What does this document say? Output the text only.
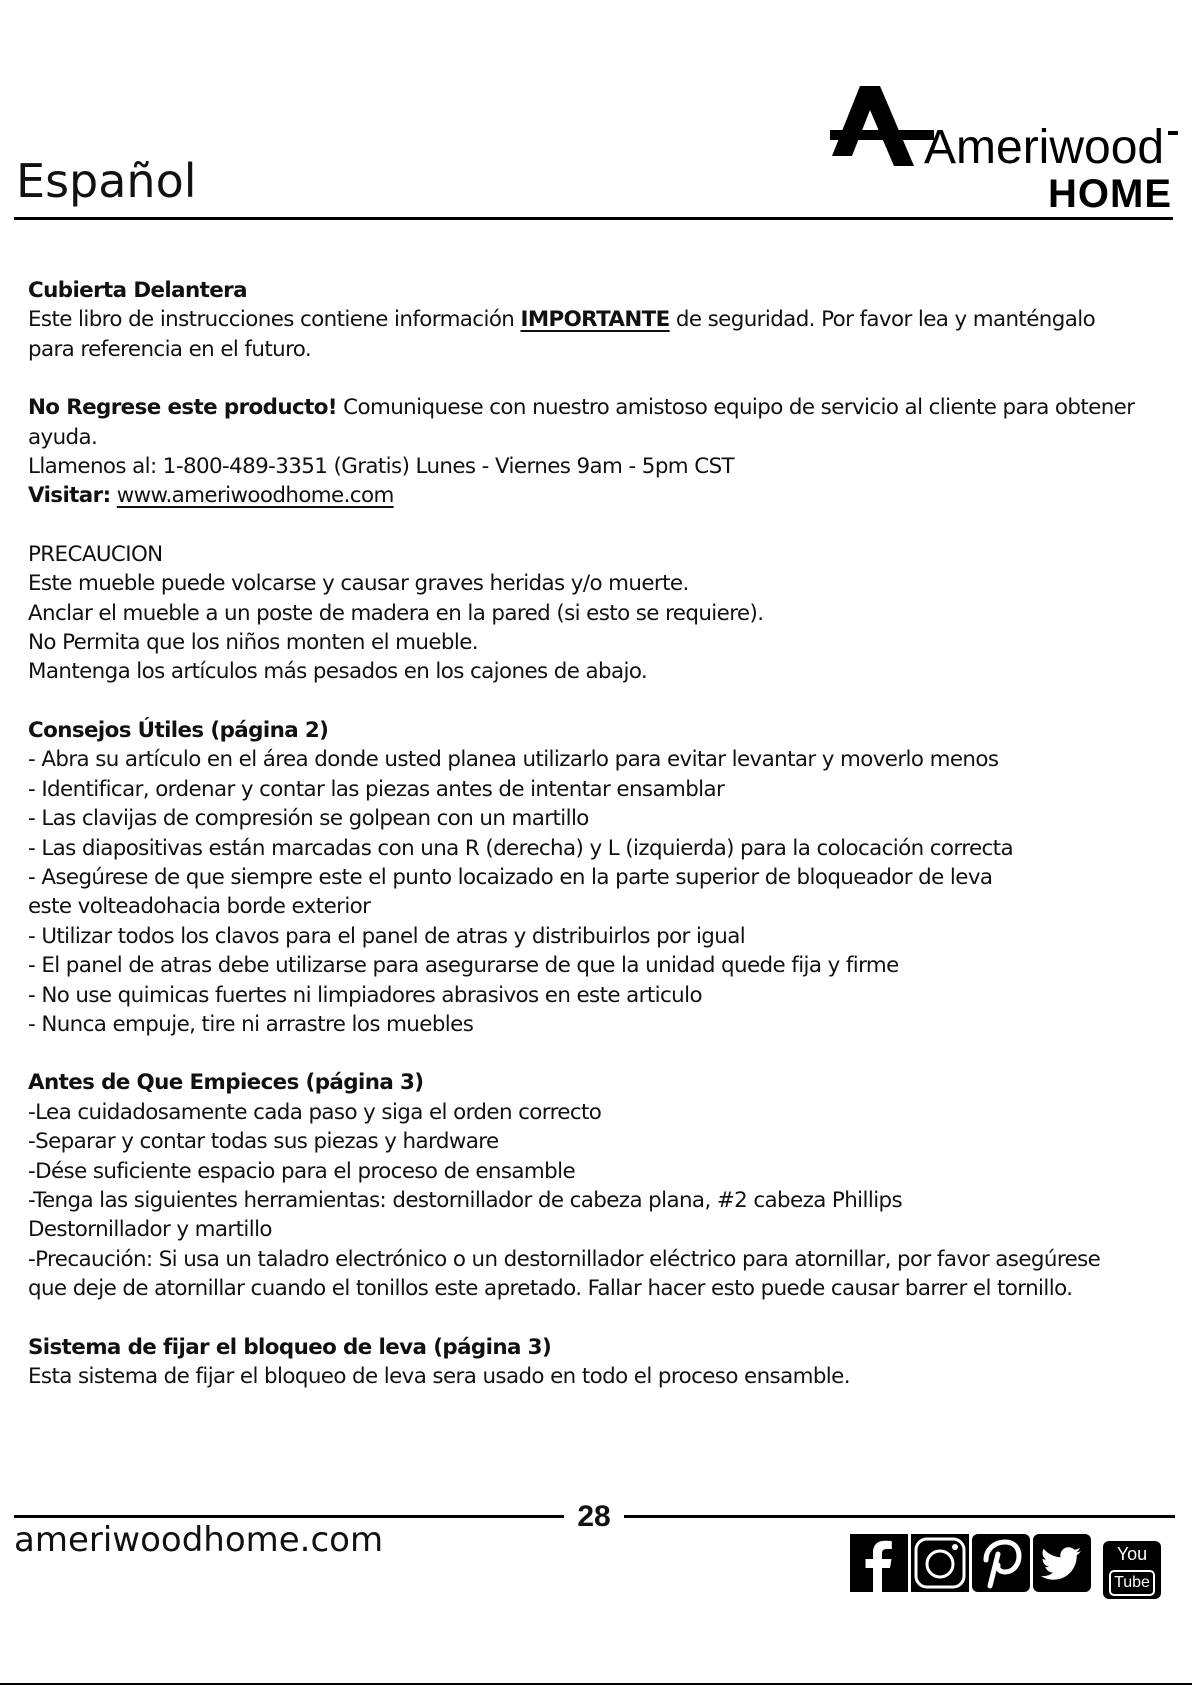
Español
Ameriwood
HOME

Cubierta Delantera

Este libro de instrucciones contiene información IMPORTANTE de seguridad. Por favor lea y manténgalo

para referencia en el futuro.

No Regrese este producto! Comuniquese con nuestro amistoso equipo de servicio al cliente para obtener

ayuda.

Llamenos al: 1-800-489-3351 (Gratis) Lunes - Viernes 9am - 5pm CST

Visitar: www.ameriwoodhome.com

PRECAUCION

Este mueble puede volcarse y causar graves heridas y/o muerte.

Anclar el mueble a un poste de madera en la pared (si esto se requiere).

No Permita que los niños monten el mueble.

Mantenga los artículos más pesados en los cajones de abajo.

Consejos Útiles (página 2)

- Abra su artículo en el área donde usted planea utilizarlo para evitar levantar y moverlo menos

- Identificar, ordenar y contar las piezas antes de intentar ensamblar

- Las clavijas de compresión se golpean con un martillo

- Las diapositivas están marcadas con una R (derecha) y L (izquierda) para la colocación correcta

- Asegúrese de que siempre este el punto locaizado en la parte superior de bloqueador de leva

este volteadohacia borde exterior

- Utilizar todos los clavos para el panel de atras y distribuirlos por igual

- El panel de atras debe utilizarse para asegurarse de que la unidad quede fija y firme

- No use quimicas fuertes ni limpiadores abrasivos en este articulo

- Nunca empuje, tire ni arrastre los muebles

Antes de Que Empieces (página 3)

-Lea cuidadosamente cada paso y siga el orden correcto

-Separar y contar todas sus piezas y hardware

-Dése suficiente espacio para el proceso de ensamble

-Tenga las siguientes herramientas: destornillador de cabeza plana, #2 cabeza Phillips

Destornillador y martillo

-Precaución: Si usa un taladro electrónico o un destornillador eléctrico para atornillar, por favor asegúrese

que deje de atornillar cuando el tonillos este apretado. Fallar hacer esto puede causar barrer el tornillo.

Sistema de fijar el bloqueo de leva (página 3)

Esta sistema de fijar el bloqueo de leva sera usado en todo el proceso ensamble.

28
ameriwoodhome.com	You
Tube
